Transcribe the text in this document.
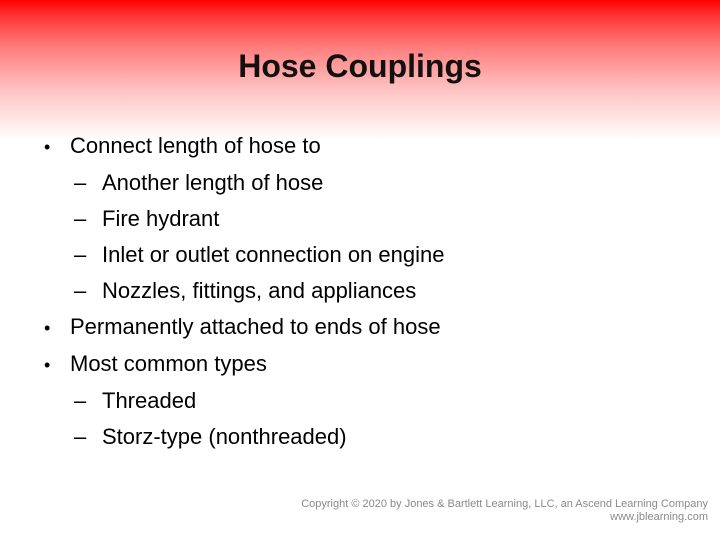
Hose Couplings
• Connect length of hose to
– Another length of hose
– Fire hydrant
– Inlet or outlet connection on engine
– Nozzles, fittings, and appliances
• Permanently attached to ends of hose
• Most common types
– Threaded
– Storz-type (nonthreaded)
Copyright © 2020 by Jones & Bartlett Learning, LLC, an Ascend Learning Company
www.jblearning.com
